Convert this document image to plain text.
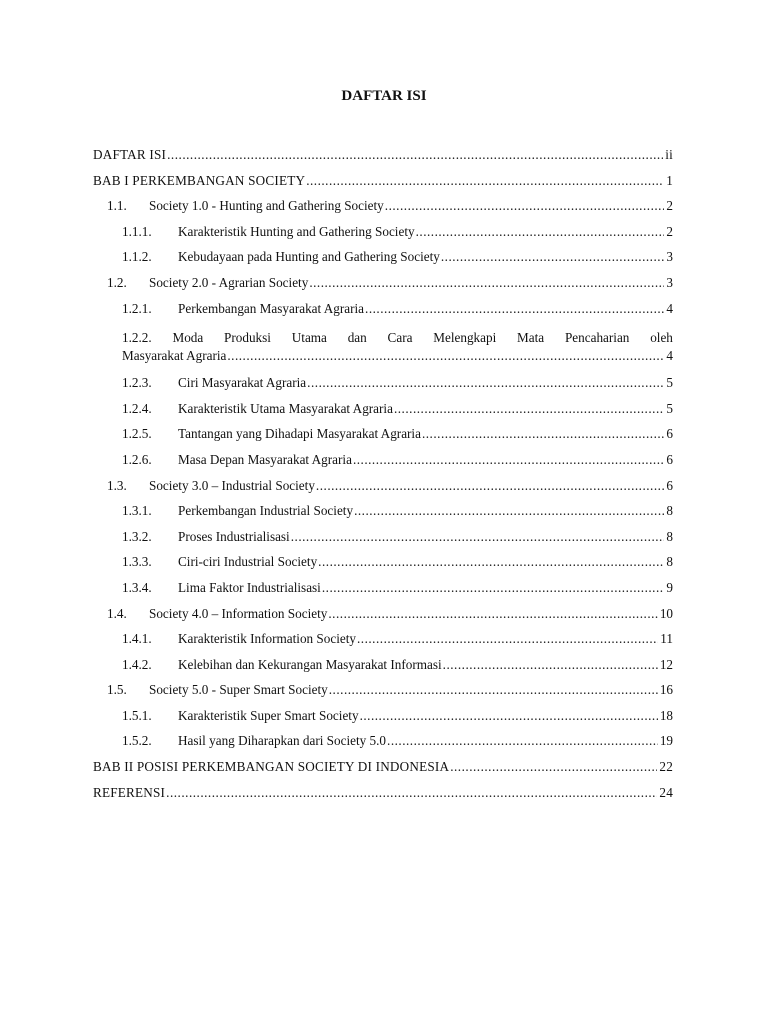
DAFTAR ISI
DAFTAR ISI .....	ii
BAB I PERKEMBANGAN SOCIETY .....	1
1.1.	Society 1.0 - Hunting and Gathering Society .....	2
1.1.1.	Karakteristik Hunting and Gathering Society .....	2
1.1.2.	Kebudayaan pada Hunting and Gathering Society .....	3
1.2.	Society 2.0 - Agrarian Society .....	3
1.2.1.	Perkembangan Masyarakat Agraria .....	4
1.2.2. Moda Produksi Utama dan Cara Melengkapi Mata Pencaharian oleh
Masyarakat Agraria .....	4
1.2.3.	Ciri Masyarakat Agraria .....	5
1.2.4.	Karakteristik Utama Masyarakat Agraria .....	5
1.2.5.	Tantangan yang Dihadapi Masyarakat Agraria .....	6
1.2.6.	Masa Depan Masyarakat Agraria .....	6
1.3.	Society 3.0 – Industrial Society .....	6
1.3.1.	Perkembangan Industrial Society .....	8
1.3.2.	Proses Industrialisasi .....	8
1.3.3.	Ciri-ciri Industrial Society .....	8
1.3.4.	Lima Faktor Industrialisasi .....	9
1.4.	Society 4.0 – Information Society .....	10
1.4.1.	Karakteristik Information Society .....	11
1.4.2.	Kelebihan dan Kekurangan Masyarakat Informasi .....	12
1.5.	Society 5.0 - Super Smart Society .....	16
1.5.1.	Karakteristik Super Smart Society .....	18
1.5.2.	Hasil yang Diharapkan dari Society 5.0 .....	19
BAB II POSISI PERKEMBANGAN SOCIETY DI INDONESIA .....	22
REFERENSI .....	24
